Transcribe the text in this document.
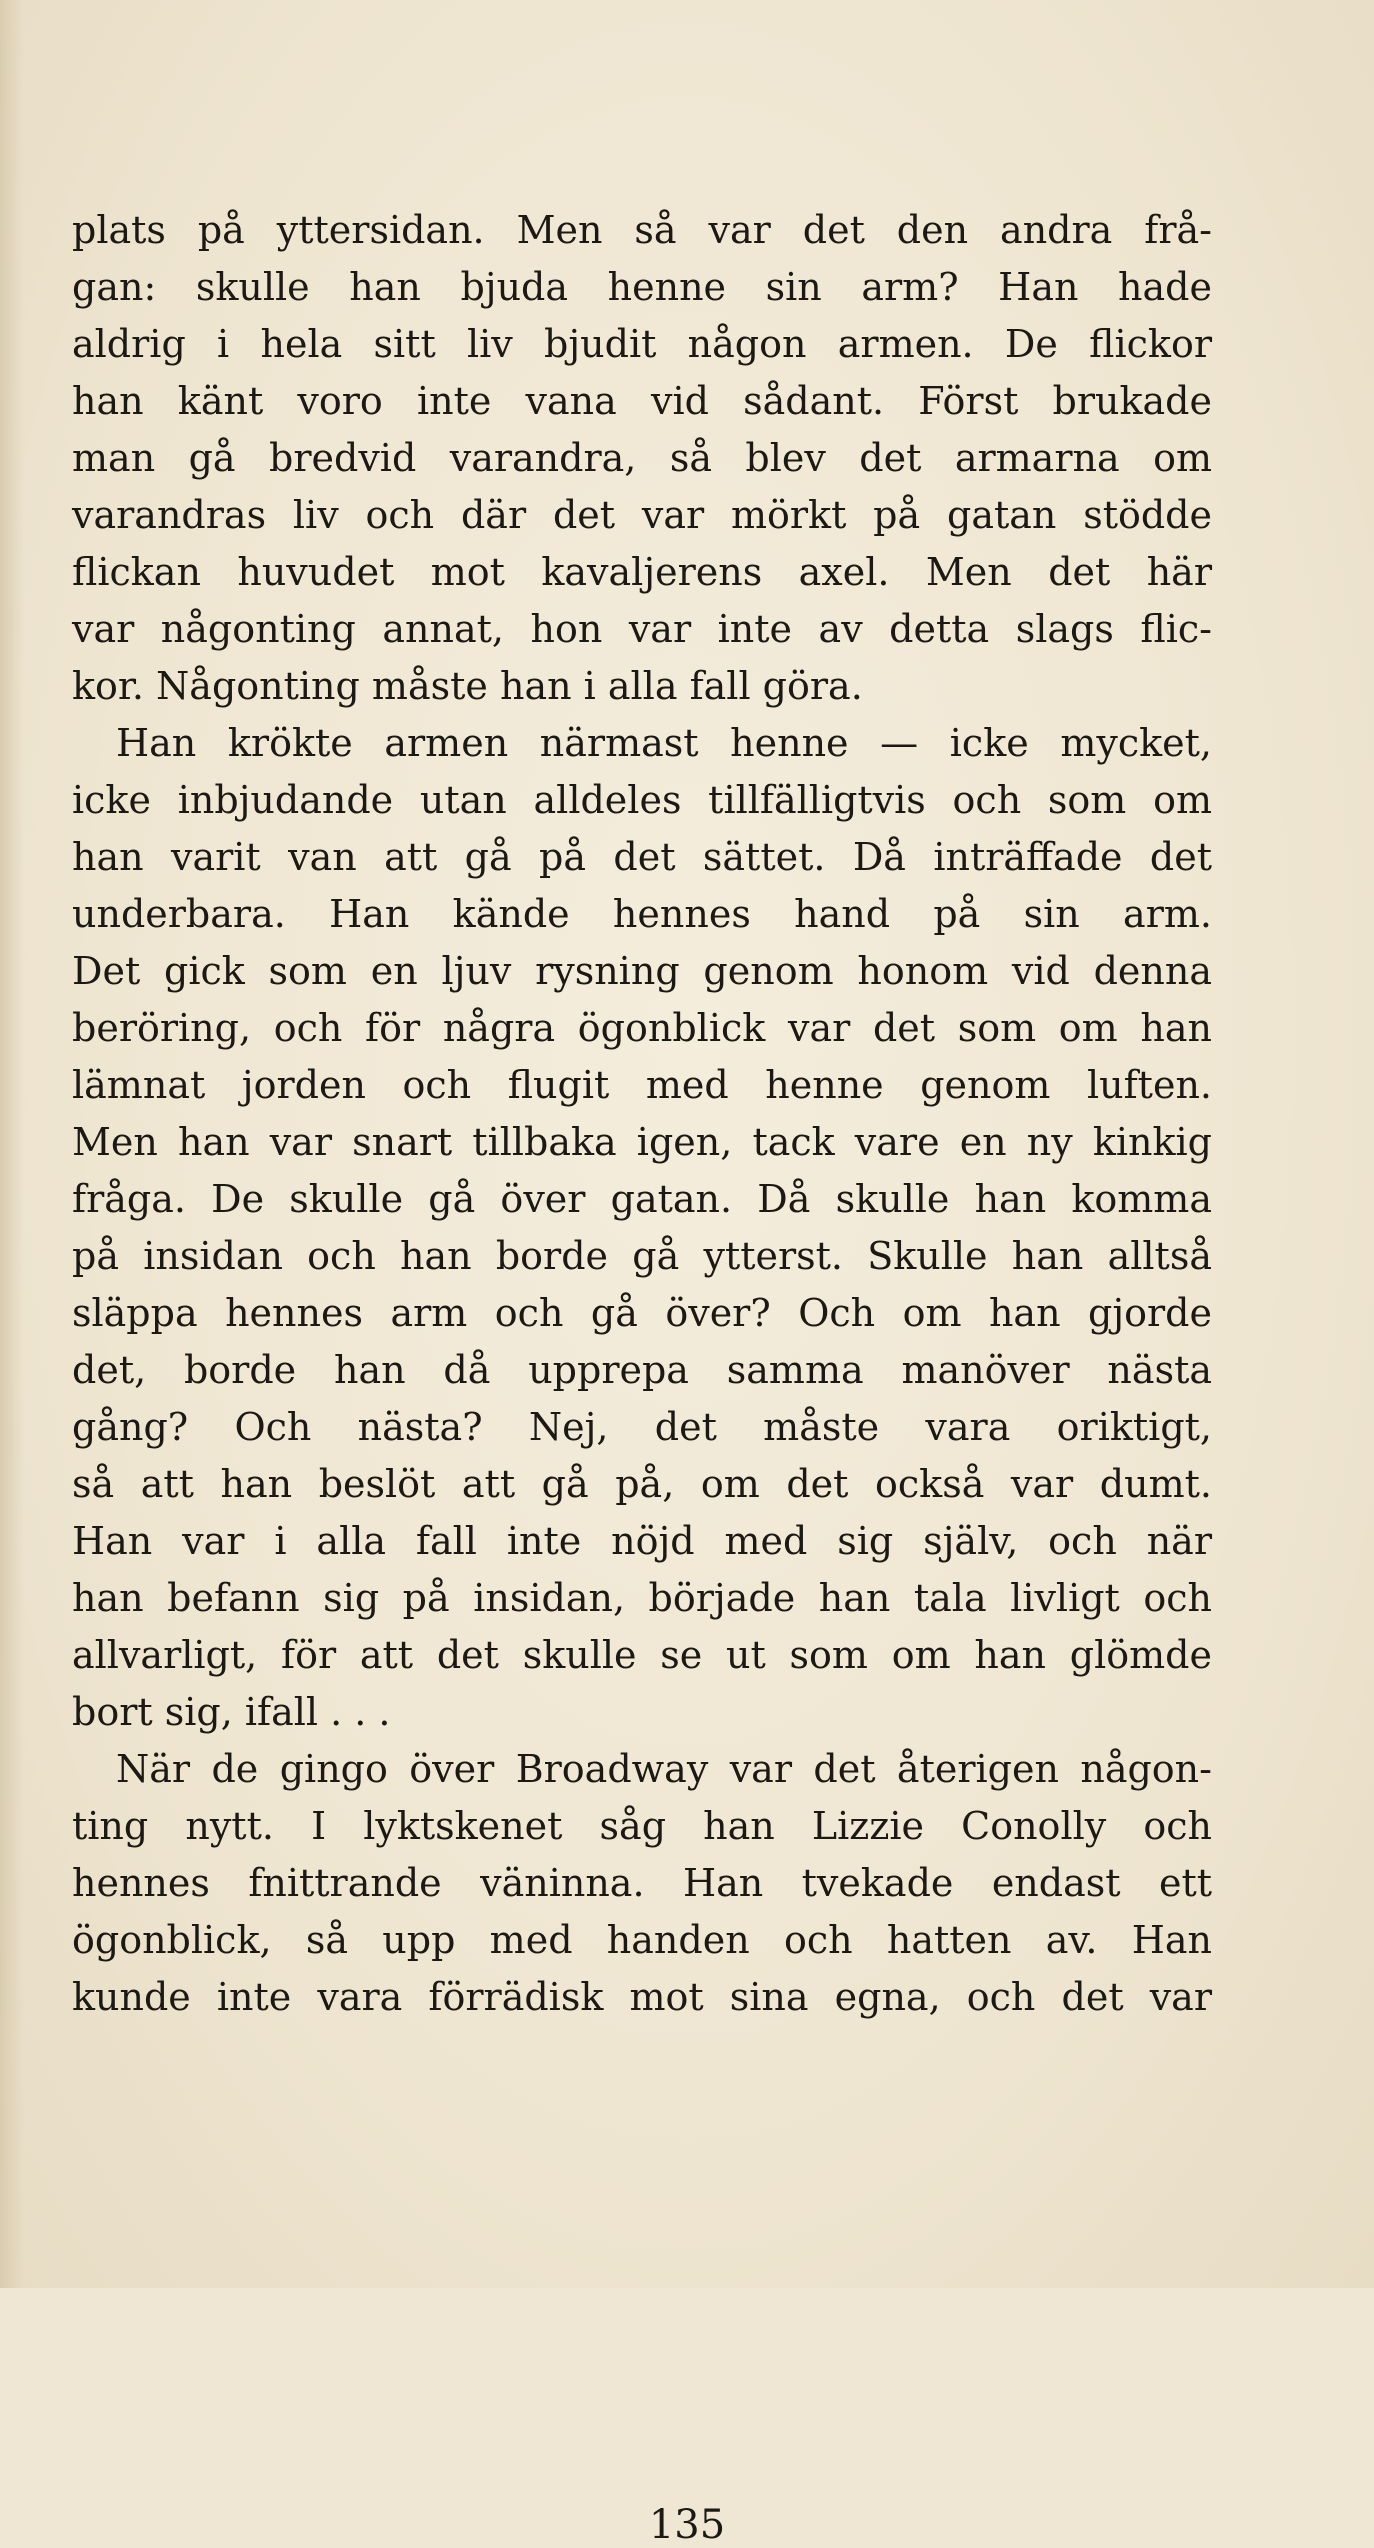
plats på yttersidan. Men så var det den andra frå-
gan: skulle han bjuda henne sin arm? Han hade
aldrig i hela sitt liv bjudit någon armen. De flickor
han känt voro inte vana vid sådant. Först brukade
man gå bredvid varandra, så blev det armarna om
varandras liv och där det var mörkt på gatan stödde
flickan huvudet mot kavaljerens axel. Men det här
var någonting annat, hon var inte av detta slags flic-
kor. Någonting måste han i alla fall göra.
Han krökte armen närmast henne — icke mycket,
icke inbjudande utan alldeles tillfälligtvis och som om
han varit van att gå på det sättet. Då inträffade det
underbara. Han kände hennes hand på sin arm.
Det gick som en ljuv rysning genom honom vid denna
beröring, och för några ögonblick var det som om han
lämnat jorden och flugit med henne genom luften.
Men han var snart tillbaka igen, tack vare en ny kinkig
fråga. De skulle gå över gatan. Då skulle han komma
på insidan och han borde gå ytterst. Skulle han alltså
släppa hennes arm och gå över? Och om han gjorde
det, borde han då upprepa samma manöver nästa
gång? Och nästa? Nej, det måste vara oriktigt,
så att han beslöt att gå på, om det också var dumt.
Han var i alla fall inte nöjd med sig själv, och när
han befann sig på insidan, började han tala livligt och
allvarligt, för att det skulle se ut som om han glömde
bort sig, ifall . . .
När de gingo över Broadway var det återigen någon-
ting nytt. I lyktskenet såg han Lizzie Conolly och
hennes fnittrande väninna. Han tvekade endast ett
ögonblick, så upp med handen och hatten av. Han
kunde inte vara förrädisk mot sina egna, och det var
135
